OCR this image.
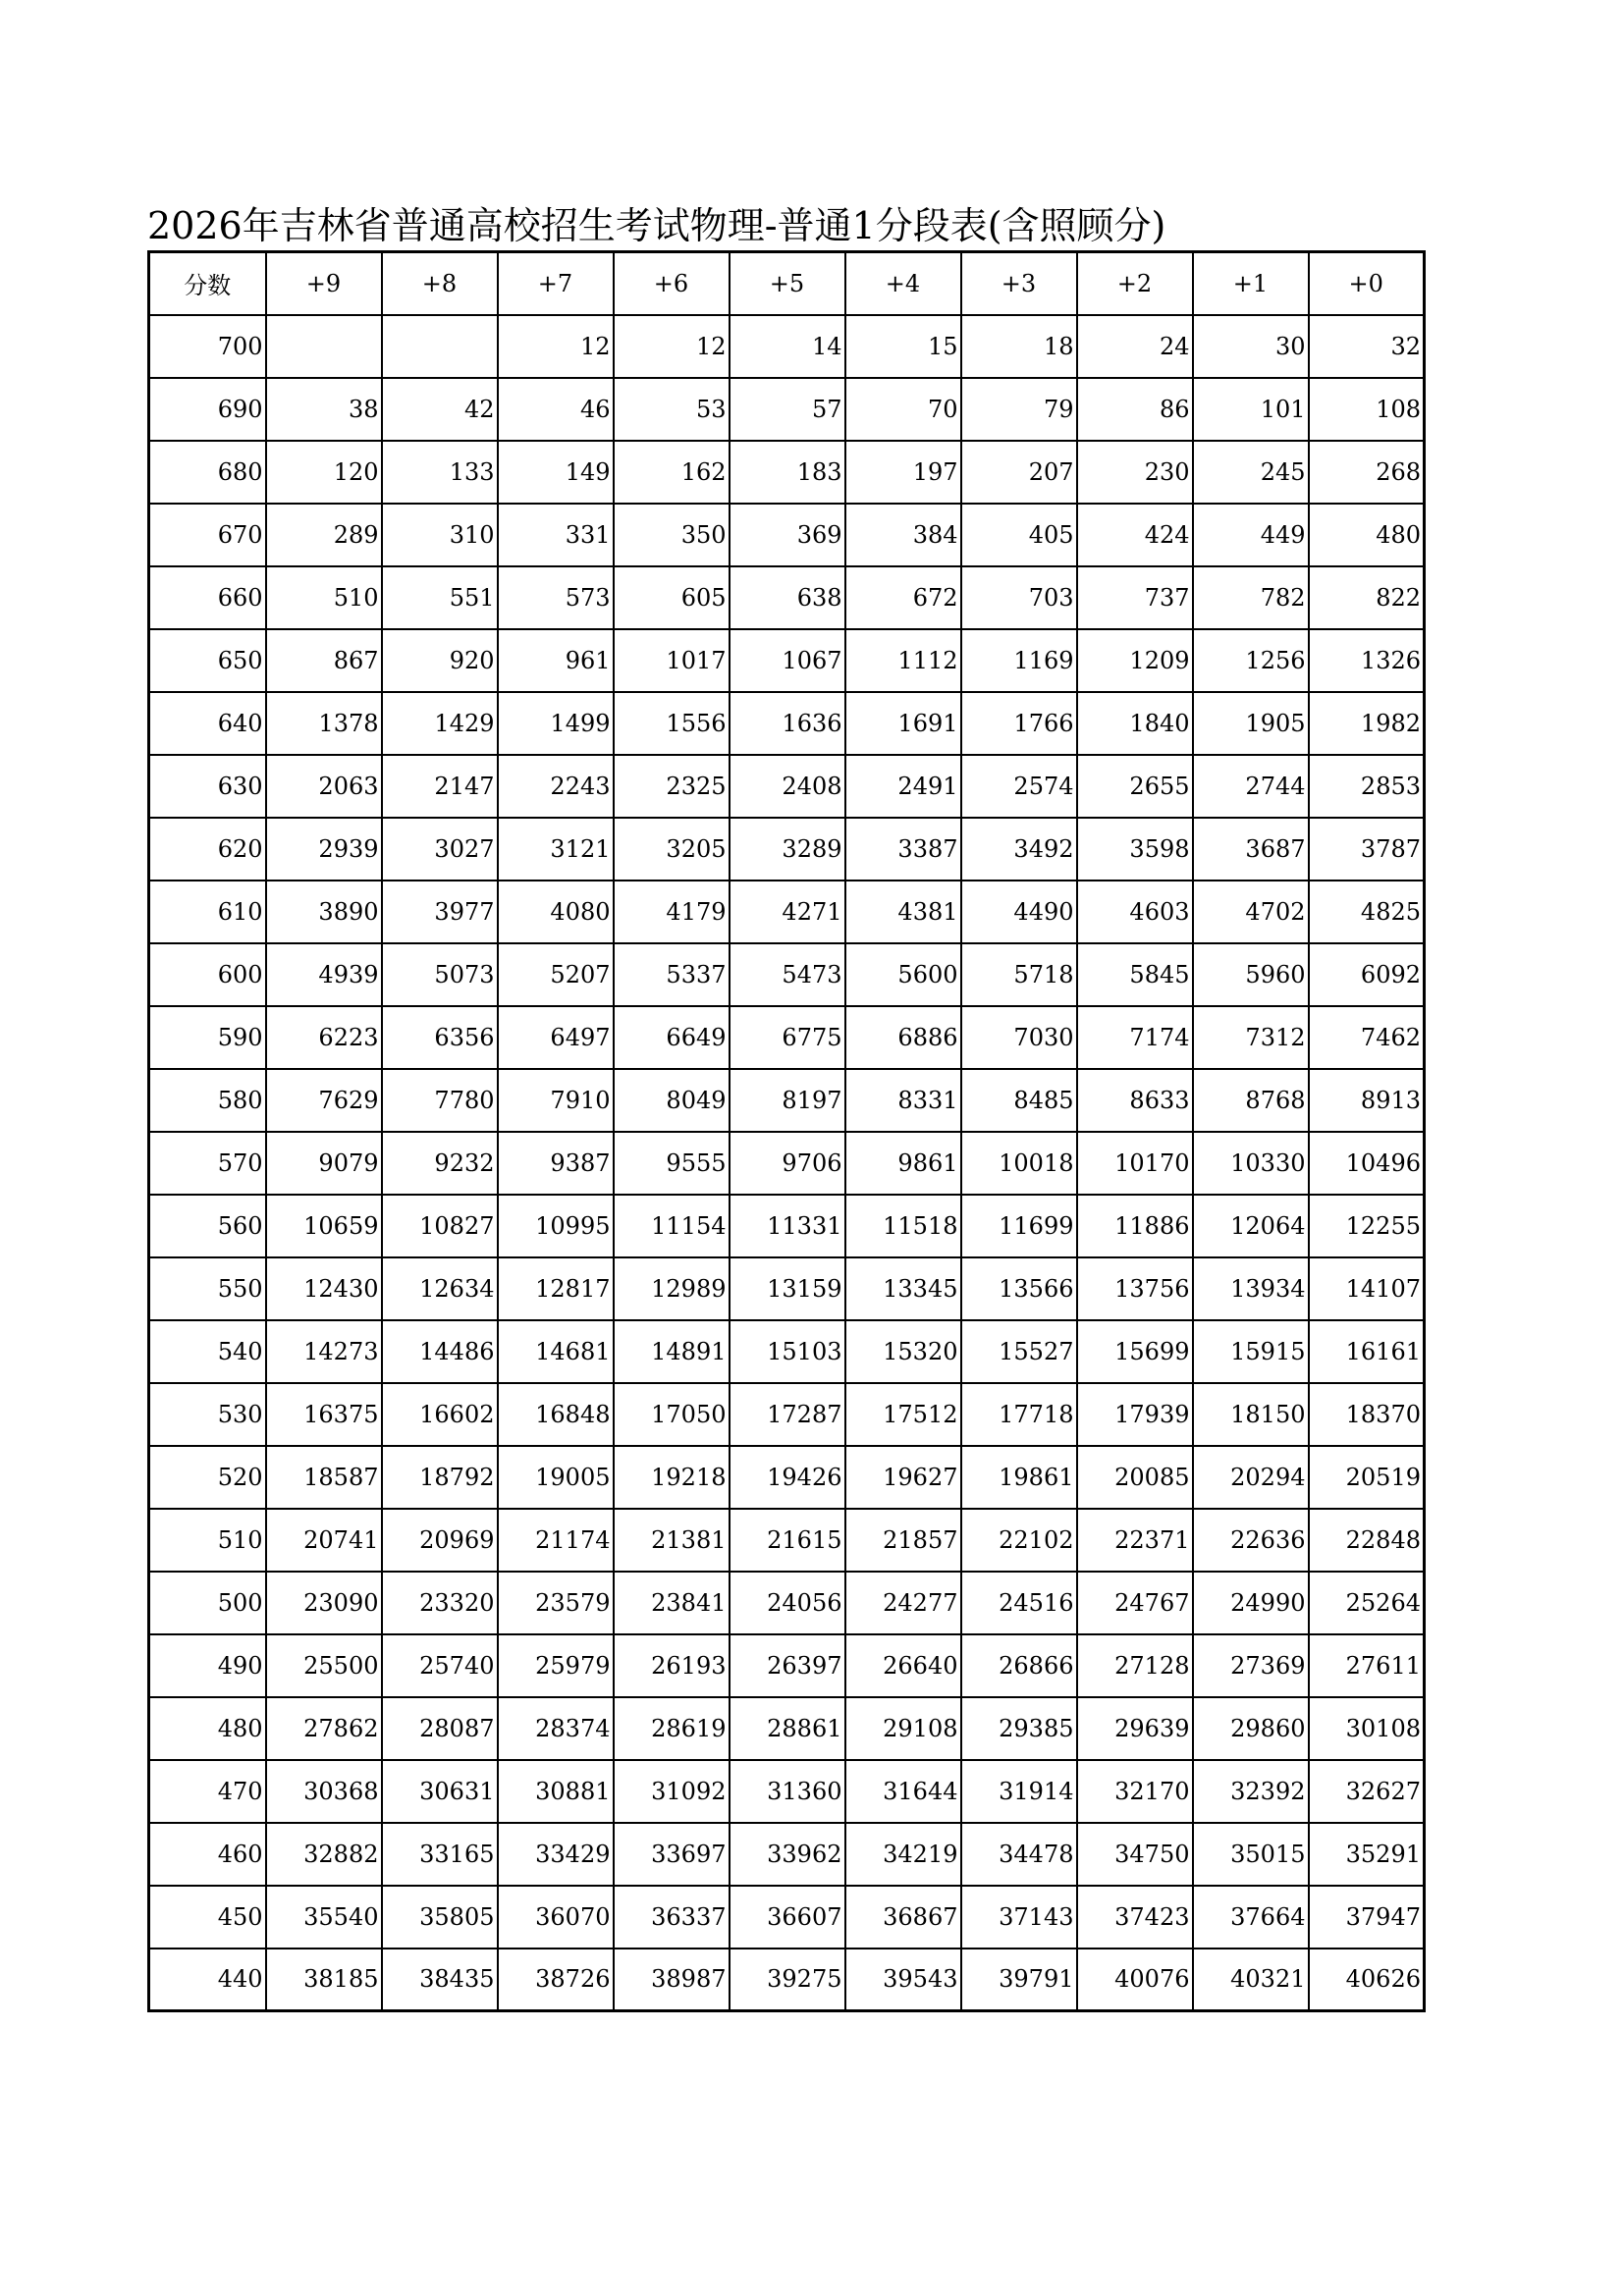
2026年吉林省普通高校招生考试物理-普通1分段表(含照顾分)
分数	+9	+8	+7	+6	+5	+4	+3	+2	+1	+0
700			12	12	14	15	18	24	30	32
690	38	42	46	53	57	70	79	86	101	108
680	120	133	149	162	183	197	207	230	245	268
670	289	310	331	350	369	384	405	424	449	480
660	510	551	573	605	638	672	703	737	782	822
650	867	920	961	1017	1067	1112	1169	1209	1256	1326
640	1378	1429	1499	1556	1636	1691	1766	1840	1905	1982
630	2063	2147	2243	2325	2408	2491	2574	2655	2744	2853
620	2939	3027	3121	3205	3289	3387	3492	3598	3687	3787
610	3890	3977	4080	4179	4271	4381	4490	4603	4702	4825
600	4939	5073	5207	5337	5473	5600	5718	5845	5960	6092
590	6223	6356	6497	6649	6775	6886	7030	7174	7312	7462
580	7629	7780	7910	8049	8197	8331	8485	8633	8768	8913
570	9079	9232	9387	9555	9706	9861	10018	10170	10330	10496
560	10659	10827	10995	11154	11331	11518	11699	11886	12064	12255
550	12430	12634	12817	12989	13159	13345	13566	13756	13934	14107
540	14273	14486	14681	14891	15103	15320	15527	15699	15915	16161
530	16375	16602	16848	17050	17287	17512	17718	17939	18150	18370
520	18587	18792	19005	19218	19426	19627	19861	20085	20294	20519
510	20741	20969	21174	21381	21615	21857	22102	22371	22636	22848
500	23090	23320	23579	23841	24056	24277	24516	24767	24990	25264
490	25500	25740	25979	26193	26397	26640	26866	27128	27369	27611
480	27862	28087	28374	28619	28861	29108	29385	29639	29860	30108
470	30368	30631	30881	31092	31360	31644	31914	32170	32392	32627
460	32882	33165	33429	33697	33962	34219	34478	34750	35015	35291
450	35540	35805	36070	36337	36607	36867	37143	37423	37664	37947
440	38185	38435	38726	38987	39275	39543	39791	40076	40321	40626
